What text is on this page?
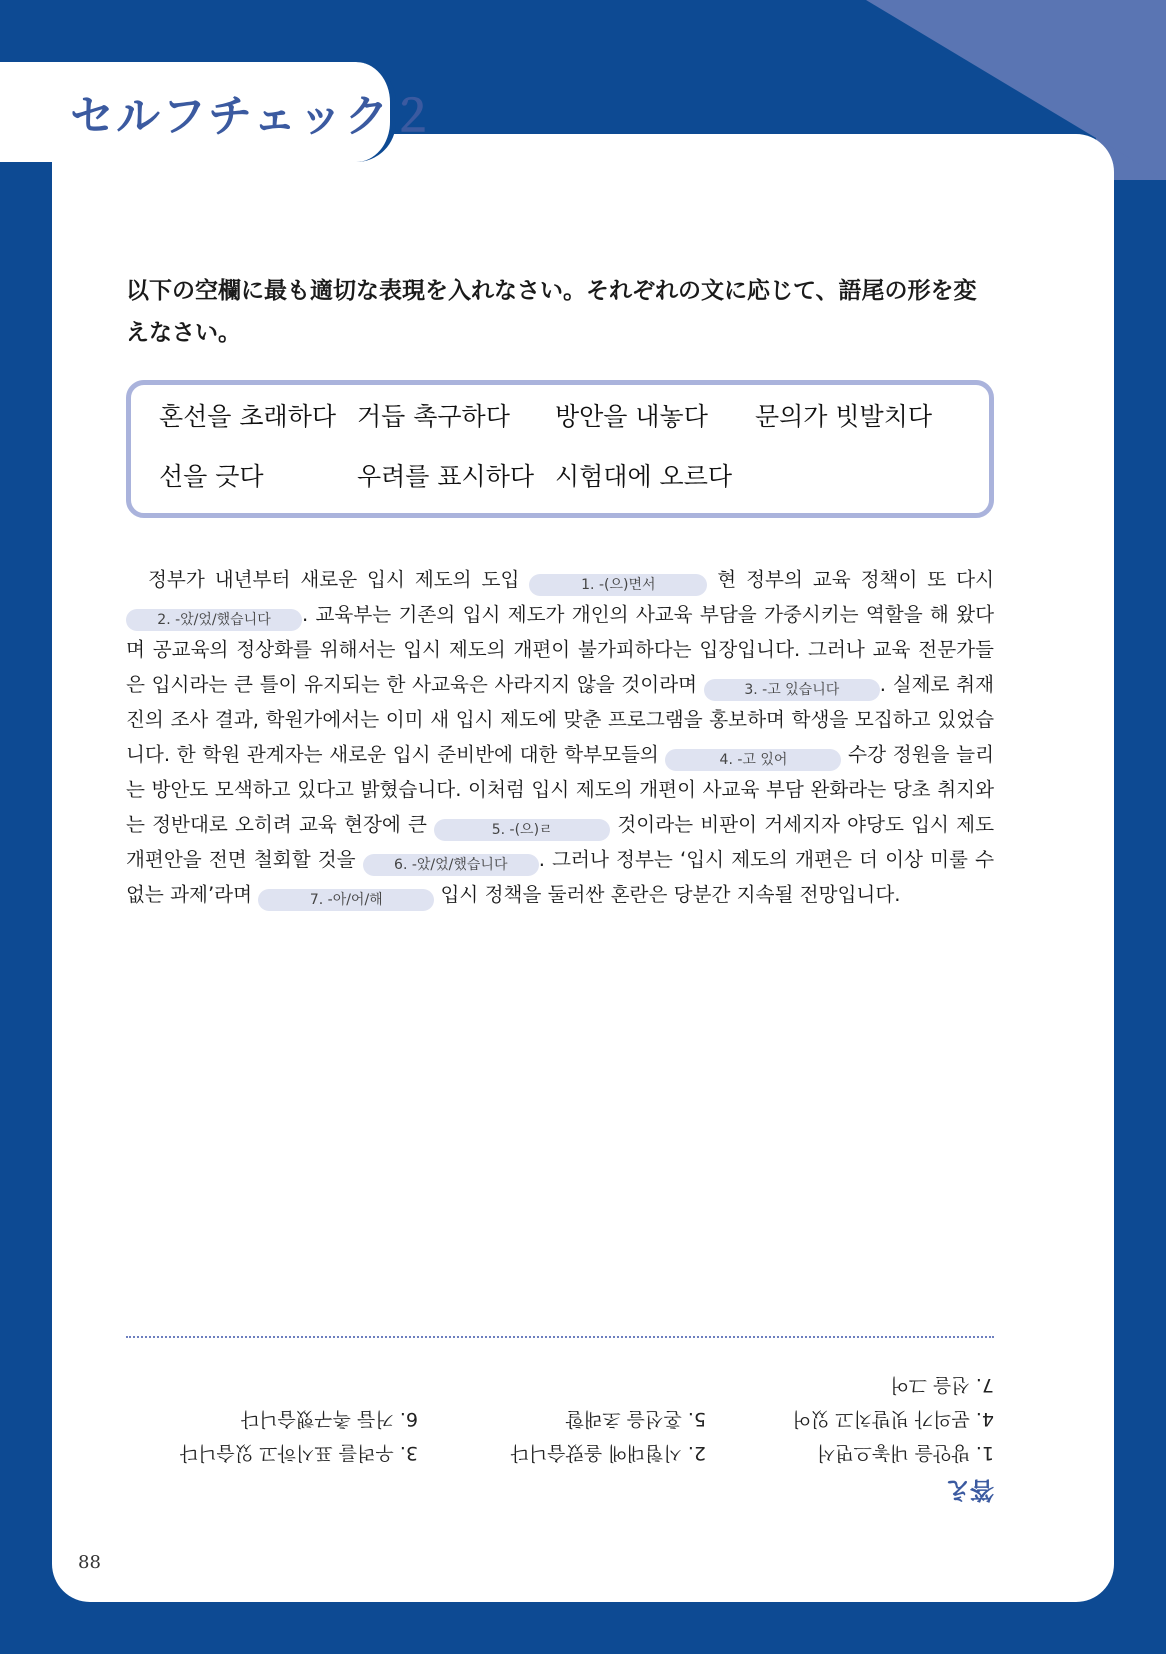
セルフチェック２
以下の空欄に最も適切な表現を入れなさい。それぞれの文に応じて、語尾の形を変えなさい。
혼선을 초래하다 거듭 촉구하다 방안을 내놓다 문의가 빗발치다
선을 긋다	우려를 표시하다 시험대에 오르다
정부가 내년부터 새로운 입시 제도의 도입	1. -(으)면서	현 정부의 교육 정책이 또 다시 2. -았/었/했습니다 . 교육부는 기존의 입시 제도가 개인의 사교육 부담을 가중시키는 역할을 해 왔다며 공교육의 정상화를 위해서는 입시 제도의 개편이 불가피하다는 입장입니다. 그러나 교육 전문가들은 입시라는 큰 틀이 유지되는 한 사교육은 사라지지 않을 것이라며	3. -고 있습니다 . 실제로 취재진의 조사 결과, 학원가에서는 이미 새 입시 제도에 맞춘 프로그램을 홍보하며 학생을 모집하고 있었습니다. 한 학원 관계자는 새로운 입시 준비반에 대한 학부모들의	4. -고 있어	수강 정원을 늘리는 방안도 모색하고 있다고 밝혔습니다. 이처럼 입시 제도의 개편이 사교육 부담 완화라는 당초 취지와는 정반대로 오히려 교육 현장에 큰	5. -(으)ㄹ	것이라는 비판이 거세지자 야당도 입시 제도 개편안을 전면 철회할 것을	6. -았/었/했습니다 . 그러나 정부는 ‘입시 제도의 개편은 더 이상 미룰 수 없는 과제’라며	7. -아/어/해	입시 정책을 둘러싼 혼란은 당분간 지속될 전망입니다.
答え
1. 방안을 내놓으면서
2. 시험대에 올랐습니다
3. 우려를 표시하고 있습니다
4. 문의가 빗발치고 있어
5. 혼선을 초래할
6. 거듭 촉구했습니다
7. 선을 그어
88
